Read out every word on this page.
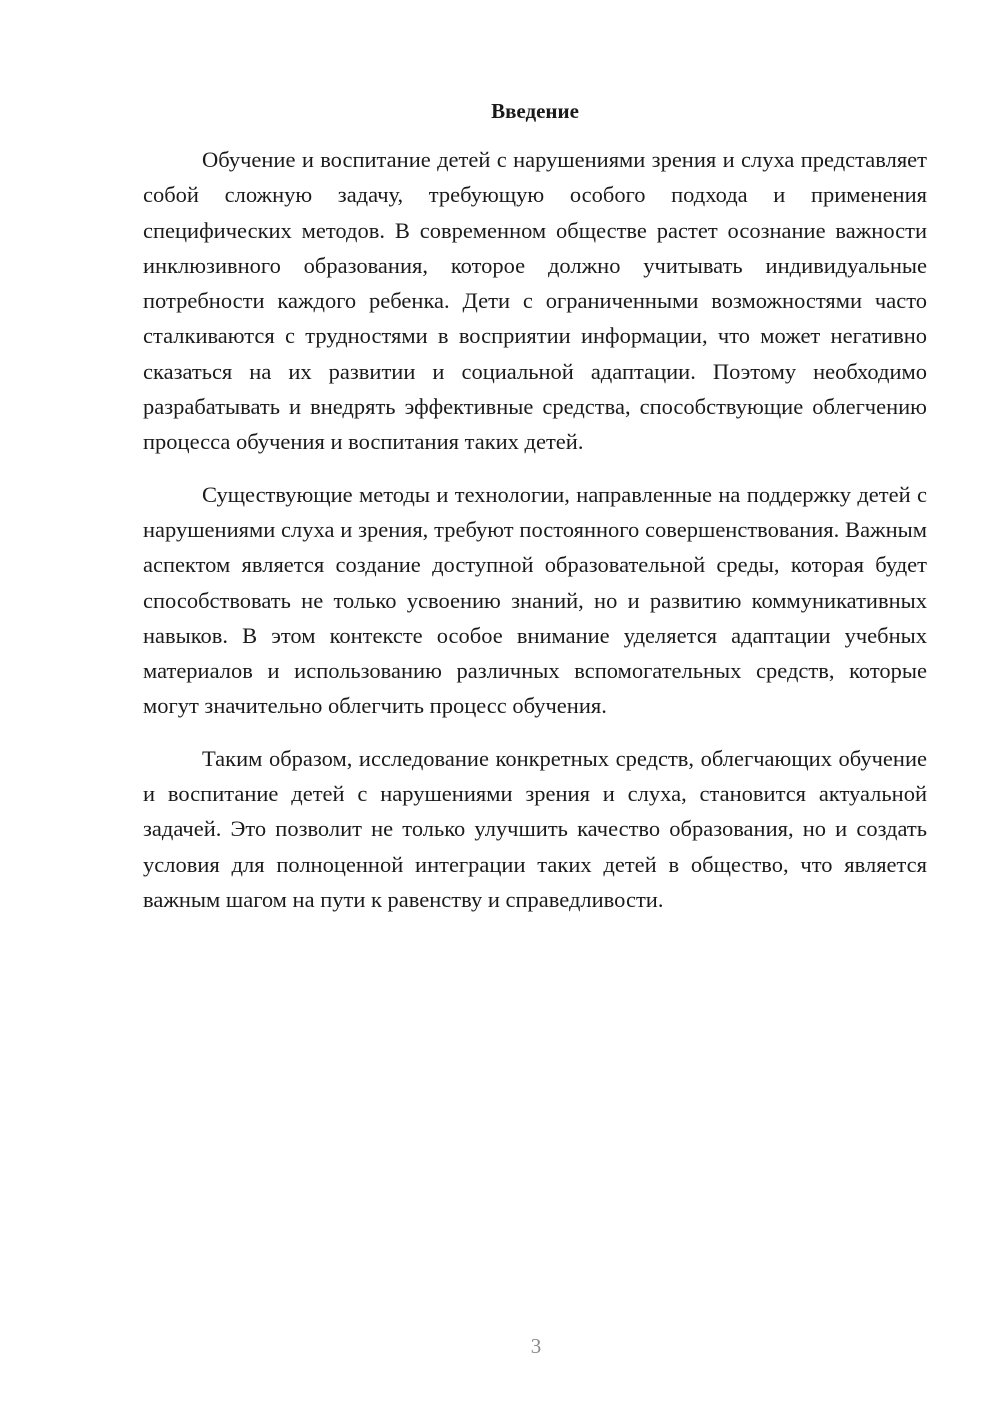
Введение

Обучение и воспитание детей с нарушениями зрения и слуха представляет собой сложную задачу, требующую особого подхода и применения специфических методов. В современном обществе растет осознание важности инклюзивного образования, которое должно учитывать индивидуальные потребности каждого ребенка. Дети с ограниченными возможностями часто сталкиваются с трудностями в восприятии информации, что может негативно сказаться на их развитии и социальной адаптации. Поэтому необходимо разрабатывать и внедрять эффективные средства, способствующие облегчению процесса обучения и воспитания таких детей.

Существующие методы и технологии, направленные на поддержку детей с нарушениями слуха и зрения, требуют постоянного совершенствования. Важным аспектом является создание доступной образовательной среды, которая будет способствовать не только усвоению знаний, но и развитию коммуникативных навыков. В этом контексте особое внимание уделяется адаптации учебных материалов и использованию различных вспомогательных средств, которые могут значительно облегчить процесс обучения.

Таким образом, исследование конкретных средств, облегчающих обучение и воспитание детей с нарушениями зрения и слуха, становится актуальной задачей. Это позволит не только улучшить качество образования, но и создать условия для полноценной интеграции таких детей в общество, что является важным шагом на пути к равенству и справедливости.

3
